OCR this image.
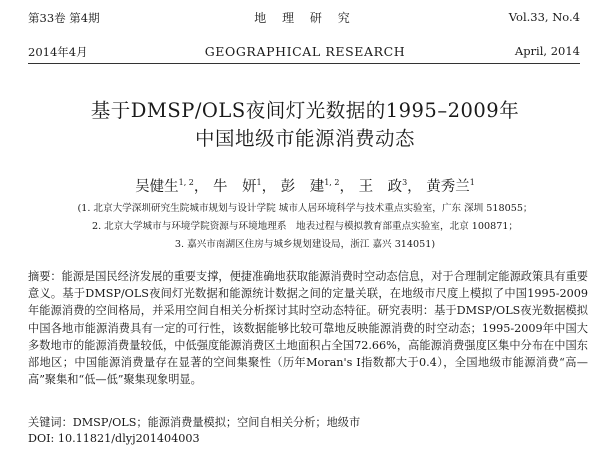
第33卷 第4期
2014年4月
地 理 研 究
GEOGRAPHICAL RESEARCH
Vol.33, No.4
April, 2014
基于DMSP/OLS夜间灯光数据的1995–2009年
中国地级市能源消费动态
吴健生$^{1, 2}$， 牛　妍$^1$， 彭　建$^{1, 2}$， 王　政$^3$， 黄秀兰$^1$
(1. 北京大学深圳研究生院城市规划与设计学院 城市人居环境科学与技术重点实验室，广东 深圳 518055；
2. 北京大学城市与环境学院资源与环境地理系　地表过程与模拟教育部重点实验室，北京 100871；
3. 嘉兴市南湖区住房与城乡规划建设局，浙江 嘉兴 314051)

摘要：能源是国民经济发展的重要支撑，便捷准确地获取能源消费时空动态信息，对于合理制定能源政策具有重要意义。基于DMSP/OLS夜间灯光数据和能源统计数据之间的定量关联，在地级市尺度上模拟了中国1995-2009年能源消费的空间格局，并采用空间自相关分析探讨其时空动态特征。研究表明：基于DMSP/OLS夜光数据模拟中国各地市能源消费具有一定的可行性，该数据能够比较可靠地反映能源消费的时空动态；1995-2009年中国大多数地市的能源消费量较低，中低强度能源消费区土地面积占全国72.66%，高能源消费强度区集中分布在中国东部地区；中国能源消费量存在显著的空间集聚性（历年Moran's I指数都大于0.4），全国地级市能源消费“高—高”聚集和“低—低”聚集现象明显。

关键词：DMSP/OLS；能源消费量模拟；空间自相关分析；地级市
DOI: 10.11821/dlyj201404003
